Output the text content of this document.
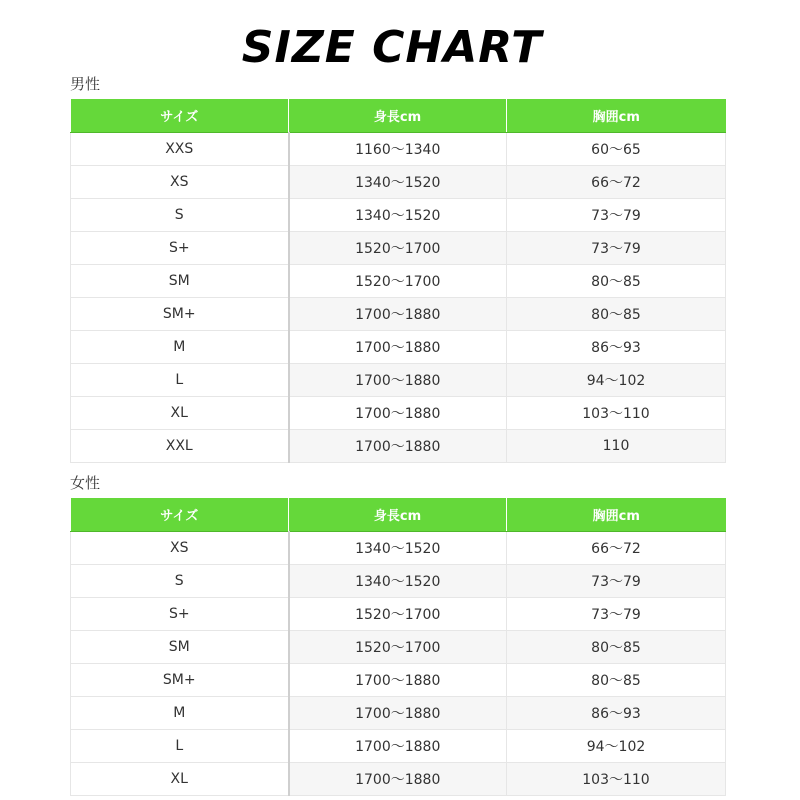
SIZE CHART
男性
サイズ	身長cm	胸囲cm
XXS	1160〜1340	60〜65
XS	1340〜1520	66〜72
S	1340〜1520	73〜79
S+	1520〜1700	73〜79
SM	1520〜1700	80〜85
SM+	1700〜1880	80〜85
M	1700〜1880	86〜93
L	1700〜1880	94〜102
XL	1700〜1880	103〜110
XXL	1700〜1880	110
女性
サイズ	身長cm	胸囲cm
XS	1340〜1520	66〜72
S	1340〜1520	73〜79
S+	1520〜1700	73〜79
SM	1520〜1700	80〜85
SM+	1700〜1880	80〜85
M	1700〜1880	86〜93
L	1700〜1880	94〜102
XL	1700〜1880	103〜110
